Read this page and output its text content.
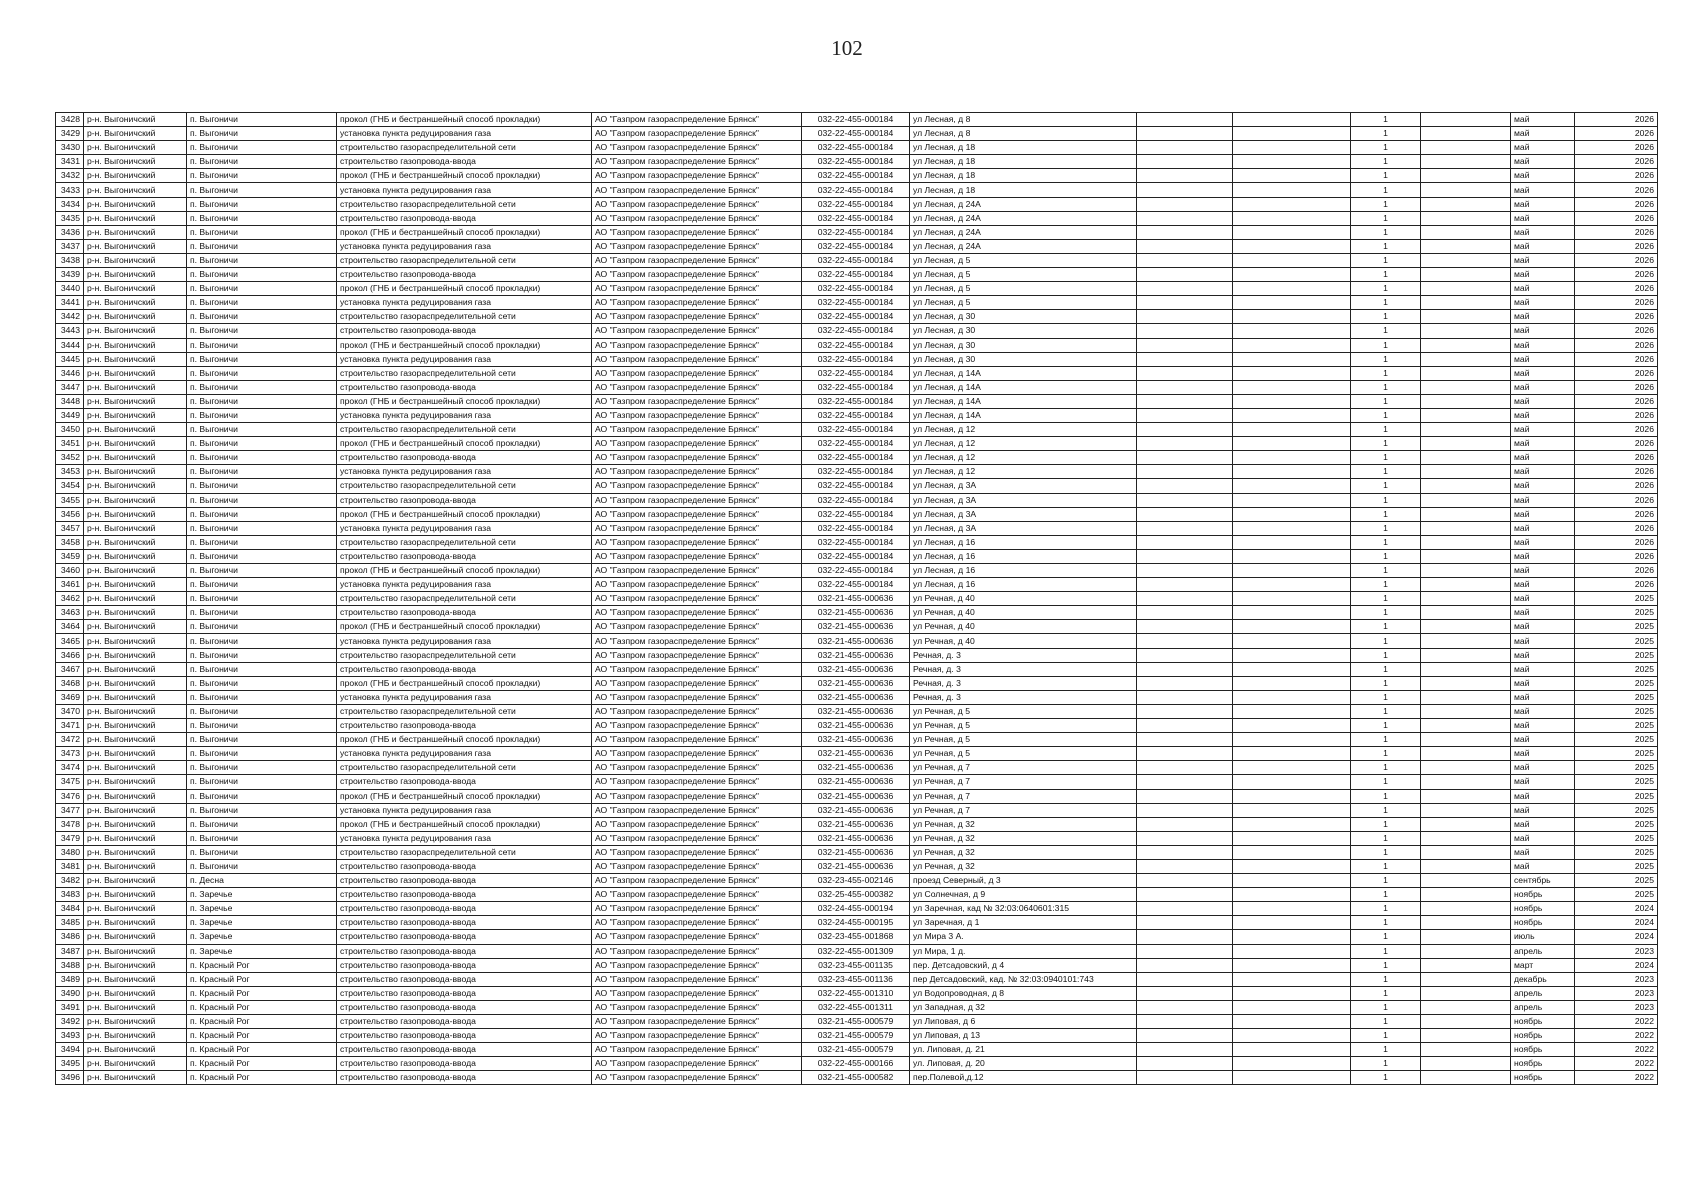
102
3428	р-н. Выгоничский	п. Выгоничи	прокол (ГНБ и бестраншейный способ прокладки)	АО "Газпром газораспределение Брянск"	032-22-455-000184	ул Лесная, д 8			1		май	2026
3429	р-н. Выгоничский	п. Выгоничи	установка пункта редуцирования газа	АО "Газпром газораспределение Брянск"	032-22-455-000184	ул Лесная, д 8			1		май	2026
3430	р-н. Выгоничский	п. Выгоничи	строительство газораспределительной сети	АО "Газпром газораспределение Брянск"	032-22-455-000184	ул Лесная, д 18			1		май	2026
3431	р-н. Выгоничский	п. Выгоничи	строительство газопровода-ввода	АО "Газпром газораспределение Брянск"	032-22-455-000184	ул Лесная, д 18			1		май	2026
3432	р-н. Выгоничский	п. Выгоничи	прокол (ГНБ и бестраншейный способ прокладки)	АО "Газпром газораспределение Брянск"	032-22-455-000184	ул Лесная, д 18			1		май	2026
3433	р-н. Выгоничский	п. Выгоничи	установка пункта редуцирования газа	АО "Газпром газораспределение Брянск"	032-22-455-000184	ул Лесная, д 18			1		май	2026
3434	р-н. Выгоничский	п. Выгоничи	строительство газораспределительной сети	АО "Газпром газораспределение Брянск"	032-22-455-000184	ул Лесная, д 24А			1		май	2026
3435	р-н. Выгоничский	п. Выгоничи	строительство газопровода-ввода	АО "Газпром газораспределение Брянск"	032-22-455-000184	ул Лесная, д 24А			1		май	2026
3436	р-н. Выгоничский	п. Выгоничи	прокол (ГНБ и бестраншейный способ прокладки)	АО "Газпром газораспределение Брянск"	032-22-455-000184	ул Лесная, д 24А			1		май	2026
3437	р-н. Выгоничский	п. Выгоничи	установка пункта редуцирования газа	АО "Газпром газораспределение Брянск"	032-22-455-000184	ул Лесная, д 24А			1		май	2026
3438	р-н. Выгоничский	п. Выгоничи	строительство газораспределительной сети	АО "Газпром газораспределение Брянск"	032-22-455-000184	ул Лесная, д 5			1		май	2026
3439	р-н. Выгоничский	п. Выгоничи	строительство газопровода-ввода	АО "Газпром газораспределение Брянск"	032-22-455-000184	ул Лесная, д 5			1		май	2026
3440	р-н. Выгоничский	п. Выгоничи	прокол (ГНБ и бестраншейный способ прокладки)	АО "Газпром газораспределение Брянск"	032-22-455-000184	ул Лесная, д 5			1		май	2026
3441	р-н. Выгоничский	п. Выгоничи	установка пункта редуцирования газа	АО "Газпром газораспределение Брянск"	032-22-455-000184	ул Лесная, д 5			1		май	2026
3442	р-н. Выгоничский	п. Выгоничи	строительство газораспределительной сети	АО "Газпром газораспределение Брянск"	032-22-455-000184	ул Лесная, д 30			1		май	2026
3443	р-н. Выгоничский	п. Выгоничи	строительство газопровода-ввода	АО "Газпром газораспределение Брянск"	032-22-455-000184	ул Лесная, д 30			1		май	2026
3444	р-н. Выгоничский	п. Выгоничи	прокол (ГНБ и бестраншейный способ прокладки)	АО "Газпром газораспределение Брянск"	032-22-455-000184	ул Лесная, д 30			1		май	2026
3445	р-н. Выгоничский	п. Выгоничи	установка пункта редуцирования газа	АО "Газпром газораспределение Брянск"	032-22-455-000184	ул Лесная, д 30			1		май	2026
3446	р-н. Выгоничский	п. Выгоничи	строительство газораспределительной сети	АО "Газпром газораспределение Брянск"	032-22-455-000184	ул Лесная, д 14А			1		май	2026
3447	р-н. Выгоничский	п. Выгоничи	строительство газопровода-ввода	АО "Газпром газораспределение Брянск"	032-22-455-000184	ул Лесная, д 14А			1		май	2026
3448	р-н. Выгоничский	п. Выгоничи	прокол (ГНБ и бестраншейный способ прокладки)	АО "Газпром газораспределение Брянск"	032-22-455-000184	ул Лесная, д 14А			1		май	2026
3449	р-н. Выгоничский	п. Выгоничи	установка пункта редуцирования газа	АО "Газпром газораспределение Брянск"	032-22-455-000184	ул Лесная, д 14А			1		май	2026
3450	р-н. Выгоничский	п. Выгоничи	строительство газораспределительной сети	АО "Газпром газораспределение Брянск"	032-22-455-000184	ул Лесная, д 12			1		май	2026
3451	р-н. Выгоничский	п. Выгоничи	прокол (ГНБ и бестраншейный способ прокладки)	АО "Газпром газораспределение Брянск"	032-22-455-000184	ул Лесная, д 12			1		май	2026
3452	р-н. Выгоничский	п. Выгоничи	строительство газопровода-ввода	АО "Газпром газораспределение Брянск"	032-22-455-000184	ул Лесная, д 12			1		май	2026
3453	р-н. Выгоничский	п. Выгоничи	установка пункта редуцирования газа	АО "Газпром газораспределение Брянск"	032-22-455-000184	ул Лесная, д 12			1		май	2026
3454	р-н. Выгоничский	п. Выгоничи	строительство газораспределительной сети	АО "Газпром газораспределение Брянск"	032-22-455-000184	ул Лесная, д 3А			1		май	2026
3455	р-н. Выгоничский	п. Выгоничи	строительство газопровода-ввода	АО "Газпром газораспределение Брянск"	032-22-455-000184	ул Лесная, д 3А			1		май	2026
3456	р-н. Выгоничский	п. Выгоничи	прокол (ГНБ и бестраншейный способ прокладки)	АО "Газпром газораспределение Брянск"	032-22-455-000184	ул Лесная, д 3А			1		май	2026
3457	р-н. Выгоничский	п. Выгоничи	установка пункта редуцирования газа	АО "Газпром газораспределение Брянск"	032-22-455-000184	ул Лесная, д 3А			1		май	2026
3458	р-н. Выгоничский	п. Выгоничи	строительство газораспределительной сети	АО "Газпром газораспределение Брянск"	032-22-455-000184	ул Лесная, д 16			1		май	2026
3459	р-н. Выгоничский	п. Выгоничи	строительство газопровода-ввода	АО "Газпром газораспределение Брянск"	032-22-455-000184	ул Лесная, д 16			1		май	2026
3460	р-н. Выгоничский	п. Выгоничи	прокол (ГНБ и бестраншейный способ прокладки)	АО "Газпром газораспределение Брянск"	032-22-455-000184	ул Лесная, д 16			1		май	2026
3461	р-н. Выгоничский	п. Выгоничи	установка пункта редуцирования газа	АО "Газпром газораспределение Брянск"	032-22-455-000184	ул Лесная, д 16			1		май	2026
3462	р-н. Выгоничский	п. Выгоничи	строительство газораспределительной сети	АО "Газпром газораспределение Брянск"	032-21-455-000636	ул Речная, д 40			1		май	2025
3463	р-н. Выгоничский	п. Выгоничи	строительство газопровода-ввода	АО "Газпром газораспределение Брянск"	032-21-455-000636	ул Речная, д 40			1		май	2025
3464	р-н. Выгоничский	п. Выгоничи	прокол (ГНБ и бестраншейный способ прокладки)	АО "Газпром газораспределение Брянск"	032-21-455-000636	ул Речная, д 40			1		май	2025
3465	р-н. Выгоничский	п. Выгоничи	установка пункта редуцирования газа	АО "Газпром газораспределение Брянск"	032-21-455-000636	ул Речная, д 40			1		май	2025
3466	р-н. Выгоничский	п. Выгоничи	строительство газораспределительной сети	АО "Газпром газораспределение Брянск"	032-21-455-000636	Речная, д. 3			1		май	2025
3467	р-н. Выгоничский	п. Выгоничи	строительство газопровода-ввода	АО "Газпром газораспределение Брянск"	032-21-455-000636	Речная, д. 3			1		май	2025
3468	р-н. Выгоничский	п. Выгоничи	прокол (ГНБ и бестраншейный способ прокладки)	АО "Газпром газораспределение Брянск"	032-21-455-000636	Речная, д. 3			1		май	2025
3469	р-н. Выгоничский	п. Выгоничи	установка пункта редуцирования газа	АО "Газпром газораспределение Брянск"	032-21-455-000636	Речная, д. 3			1		май	2025
3470	р-н. Выгоничский	п. Выгоничи	строительство газораспределительной сети	АО "Газпром газораспределение Брянск"	032-21-455-000636	ул Речная, д 5			1		май	2025
3471	р-н. Выгоничский	п. Выгоничи	строительство газопровода-ввода	АО "Газпром газораспределение Брянск"	032-21-455-000636	ул Речная, д 5			1		май	2025
3472	р-н. Выгоничский	п. Выгоничи	прокол (ГНБ и бестраншейный способ прокладки)	АО "Газпром газораспределение Брянск"	032-21-455-000636	ул Речная, д 5			1		май	2025
3473	р-н. Выгоничский	п. Выгоничи	установка пункта редуцирования газа	АО "Газпром газораспределение Брянск"	032-21-455-000636	ул Речная, д 5			1		май	2025
3474	р-н. Выгоничский	п. Выгоничи	строительство газораспределительной сети	АО "Газпром газораспределение Брянск"	032-21-455-000636	ул Речная, д 7			1		май	2025
3475	р-н. Выгоничский	п. Выгоничи	строительство газопровода-ввода	АО "Газпром газораспределение Брянск"	032-21-455-000636	ул Речная, д 7			1		май	2025
3476	р-н. Выгоничский	п. Выгоничи	прокол (ГНБ и бестраншейный способ прокладки)	АО "Газпром газораспределение Брянск"	032-21-455-000636	ул Речная, д 7			1		май	2025
3477	р-н. Выгоничский	п. Выгоничи	установка пункта редуцирования газа	АО "Газпром газораспределение Брянск"	032-21-455-000636	ул Речная, д 7			1		май	2025
3478	р-н. Выгоничский	п. Выгоничи	прокол (ГНБ и бестраншейный способ прокладки)	АО "Газпром газораспределение Брянск"	032-21-455-000636	ул Речная, д 32			1		май	2025
3479	р-н. Выгоничский	п. Выгоничи	установка пункта редуцирования газа	АО "Газпром газораспределение Брянск"	032-21-455-000636	ул Речная, д 32			1		май	2025
3480	р-н. Выгоничский	п. Выгоничи	строительство газораспределительной сети	АО "Газпром газораспределение Брянск"	032-21-455-000636	ул Речная, д 32			1		май	2025
3481	р-н. Выгоничский	п. Выгоничи	строительство газопровода-ввода	АО "Газпром газораспределение Брянск"	032-21-455-000636	ул Речная, д 32			1		май	2025
3482	р-н. Выгоничский	п. Десна	строительство газопровода-ввода	АО "Газпром газораспределение Брянск"	032-23-455-002146	проезд Северный, д 3			1		сентябрь	2025
3483	р-н. Выгоничский	п. Заречье	строительство газопровода-ввода	АО "Газпром газораспределение Брянск"	032-25-455-000382	ул Солнечная, д 9			1		ноябрь	2025
3484	р-н. Выгоничский	п. Заречье	строительство газопровода-ввода	АО "Газпром газораспределение Брянск"	032-24-455-000194	ул Заречная, кад № 32:03:0640601:315			1		ноябрь	2024
3485	р-н. Выгоничский	п. Заречье	строительство газопровода-ввода	АО "Газпром газораспределение Брянск"	032-24-455-000195	ул Заречная, д 1			1		ноябрь	2024
3486	р-н. Выгоничский	п. Заречье	строительство газопровода-ввода	АО "Газпром газораспределение Брянск"	032-23-455-001868	ул Мира 3 А.			1		июль	2024
3487	р-н. Выгоничский	п. Заречье	строительство газопровода-ввода	АО "Газпром газораспределение Брянск"	032-22-455-001309	ул Мира, 1 д.			1		апрель	2023
3488	р-н. Выгоничский	п. Красный Рог	строительство газопровода-ввода	АО "Газпром газораспределение Брянск"	032-23-455-001135	пер. Детсадовский, д 4			1		март	2024
3489	р-н. Выгоничский	п. Красный Рог	строительство газопровода-ввода	АО "Газпром газораспределение Брянск"	032-23-455-001136	пер Детсадовский, кад. № 32:03:0940101:743			1		декабрь	2023
3490	р-н. Выгоничский	п. Красный Рог	строительство газопровода-ввода	АО "Газпром газораспределение Брянск"	032-22-455-001310	ул Водопроводная, д 8			1		апрель	2023
3491	р-н. Выгоничский	п. Красный Рог	строительство газопровода-ввода	АО "Газпром газораспределение Брянск"	032-22-455-001311	ул Западная, д 32			1		апрель	2023
3492	р-н. Выгоничский	п. Красный Рог	строительство газопровода-ввода	АО "Газпром газораспределение Брянск"	032-21-455-000579	ул Липовая, д 6			1		ноябрь	2022
3493	р-н. Выгоничский	п. Красный Рог	строительство газопровода-ввода	АО "Газпром газораспределение Брянск"	032-21-455-000579	ул Липовая, д 13			1		ноябрь	2022
3494	р-н. Выгоничский	п. Красный Рог	строительство газопровода-ввода	АО "Газпром газораспределение Брянск"	032-21-455-000579	ул. Липовая, д. 21			1		ноябрь	2022
3495	р-н. Выгоничский	п. Красный Рог	строительство газопровода-ввода	АО "Газпром газораспределение Брянск"	032-22-455-000166	ул. Липовая, д. 20			1		ноябрь	2022
3496	р-н. Выгоничский	п. Красный Рог	строительство газопровода-ввода	АО "Газпром газораспределение Брянск"	032-21-455-000582	пер.Полевой,д.12			1		ноябрь	2022
